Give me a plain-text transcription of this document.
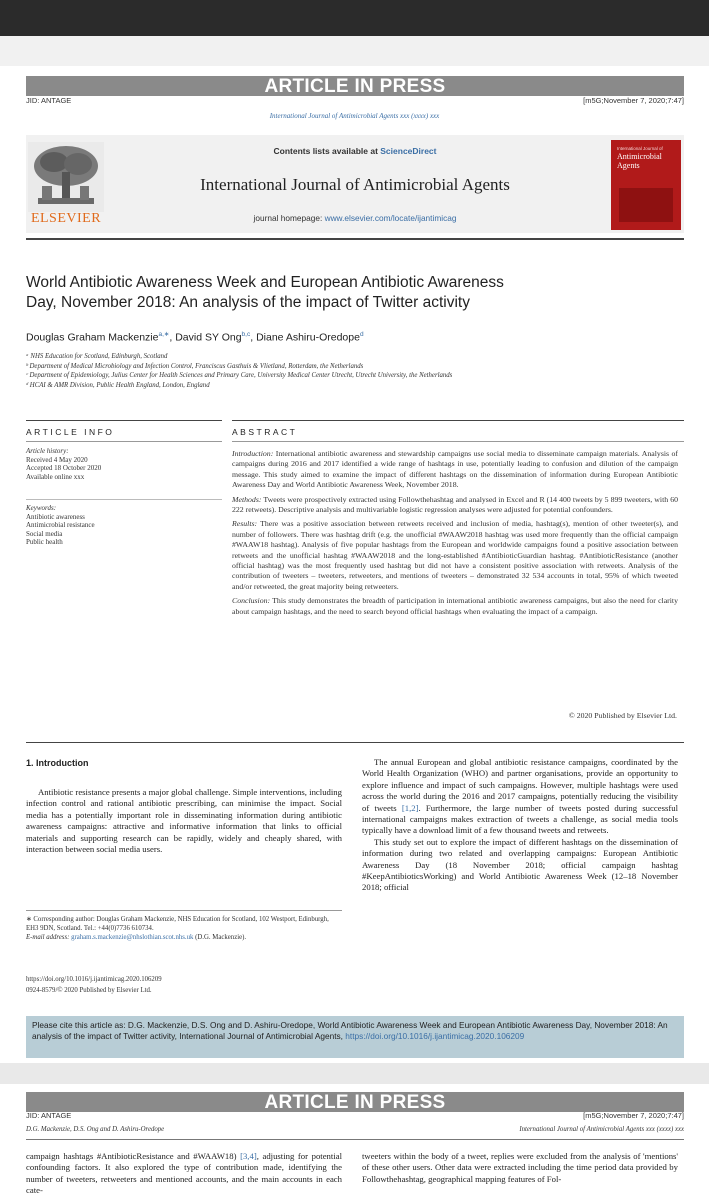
ARTICLE IN PRESS
JID: ANTAGE	[m5G;November 7, 2020;7:47]
International Journal of Antimicrobial Agents xxx (xxxx) xxx
ELSEVIER
Contents lists available at ScienceDirect
International Journal of Antimicrobial Agents
journal homepage: www.elsevier.com/locate/ijantimicag
International Journal of
Antimicrobial Agents
World Antibiotic Awareness Week and European Antibiotic Awareness
Day, November 2018: An analysis of the impact of Twitter activity
Douglas Graham Mackenzie$^{a,∗}$, David SY Ong$^{b,c}$, Diane Ashiru-Oredope$^d$
ᵃ NHS Education for Scotland, Edinburgh, Scotland
ᵇ Department of Medical Microbiology and Infection Control, Franciscus Gasthuis & Vlietland, Rotterdam, the Netherlands
ᶜ Department of Epidemiology, Julius Center for Health Sciences and Primary Care, University Medical Center Utrecht, Utrecht University, the Netherlands
ᵈ HCAI & AMR Division, Public Health England, London, England
ARTICLE INFO	ABSTRACT
Article history:
Received 4 May 2020
Accepted 18 October 2020
Available online xxx
Keywords:
Antibiotic awareness
Antimicrobial resistance
Social media
Public health
Introduction: International antibiotic awareness and stewardship campaigns use social media to disseminate campaign materials. Analysis of campaigns during 2016 and 2017 identified a wide range of hashtags in use, potentially leading to confusion and dilution of the campaign message. This study aimed to examine the impact of different hashtags on the dissemination of information during European Antibiotic Awareness Day and World Antibiotic Awareness Week, November 2018.
Methods: Tweets were prospectively extracted using Followthehashtag and analysed in Excel and R (14 400 tweets by 5 899 tweeters, with 60 222 retweets). Descriptive analysis and multivariable logistic regression analyses were adjusted for potential confounders.
Results: There was a positive association between retweets received and inclusion of media, hashtag(s), mention of other tweeter(s), and number of followers. There was hashtag drift (e.g. the unofficial #WAAW2018 hashtag was used more frequently than the official campaign #WAAW18 hashtag). Analysis of five popular hashtags from the European and worldwide campaigns found a positive association between retweets and the unofficial hashtag #WAAW2018 and the long-established #AntibioticGuardian hashtag. #AntibioticResistance (another official hashtag) was the most frequently used hashtag but did not have a consistent positive association with retweets. Analysis of the contribution of tweeters – tweeters, retweeters, and mentions of tweeters – demonstrated 32 534 accounts in total, 95% of which tweeted and/or retweeted, the great majority being retweeters.
Conclusion: This study demonstrates the breadth of participation in international antibiotic awareness campaigns, but also the need for clarity about campaign hashtags, and the need to search beyond official hashtags when evaluating the impact of a campaign.
© 2020 Published by Elsevier Ltd.
1. Introduction
Antibiotic resistance presents a major global challenge. Simple interventions, including infection control and rational antibiotic prescribing, can minimise the impact. Social media has a potentially important role in disseminating information during antibiotic awareness campaigns: attractive and informative information that links to official materials and supporting research can be rapidly, widely and cheaply shared, with interaction between social media users.
The annual European and global antibiotic resistance campaigns, coordinated by the World Health Organization (WHO) and partner organisations, provide an opportunity to explore influence and impact of such campaigns. However, multiple hashtags were used across the world during the 2016 and 2017 campaigns, potentially reducing the visibility of tweets [1,2]. Furthermore, the large number of tweets posted during successful international campaigns makes extraction of tweets a challenge, as social media tools typically have a download limit of a few thousand tweets and retweets.
This study set out to explore the impact of different hashtags on the dissemination of information during two related and overlapping campaigns: European Antibiotic Awareness Day (18 November 2018; official campaign hashtag #KeepAntibioticsWorking) and World Antibiotic Awareness Week (12–18 November 2018; official
∗ Corresponding author: Douglas Graham Mackenzie, NHS Education for Scotland, 102 Westport, Edinburgh, EH3 9DN, Scotland. Tel.: +44(0)7736 610734.
E-mail address: graham.s.mackenzie@nhslothian.scot.nhs.uk (D.G. Mackenzie).
https://doi.org/10.1016/j.ijantimicag.2020.106209
0924-8579/© 2020 Published by Elsevier Ltd.
Please cite this article as: D.G. Mackenzie, D.S. Ong and D. Ashiru-Oredope, World Antibiotic Awareness Week and European Antibiotic Awareness Day, November 2018: An analysis of the impact of Twitter activity, International Journal of Antimicrobial Agents, https://doi.org/10.1016/j.ijantimicag.2020.106209
ARTICLE IN PRESS
JID: ANTAGE	[m5G;November 7, 2020;7:47]
D.G. Mackenzie, D.S. Ong and D. Ashiru-Oredope	International Journal of Antimicrobial Agents xxx (xxxx) xxx
campaign hashtags #AntibioticResistance and #WAAW18) [3,4], adjusting for potential confounding factors. It also explored the type of contribution made, identifying the number of tweeters, retweeters and mentioned accounts, and the main accounts in each cate-
tweeters within the body of a tweet, replies were excluded from the analysis of 'mentions' of these other users. Other data were extracted including the time period data provided by Followthehashtag, geographical mapping features of Fol-
